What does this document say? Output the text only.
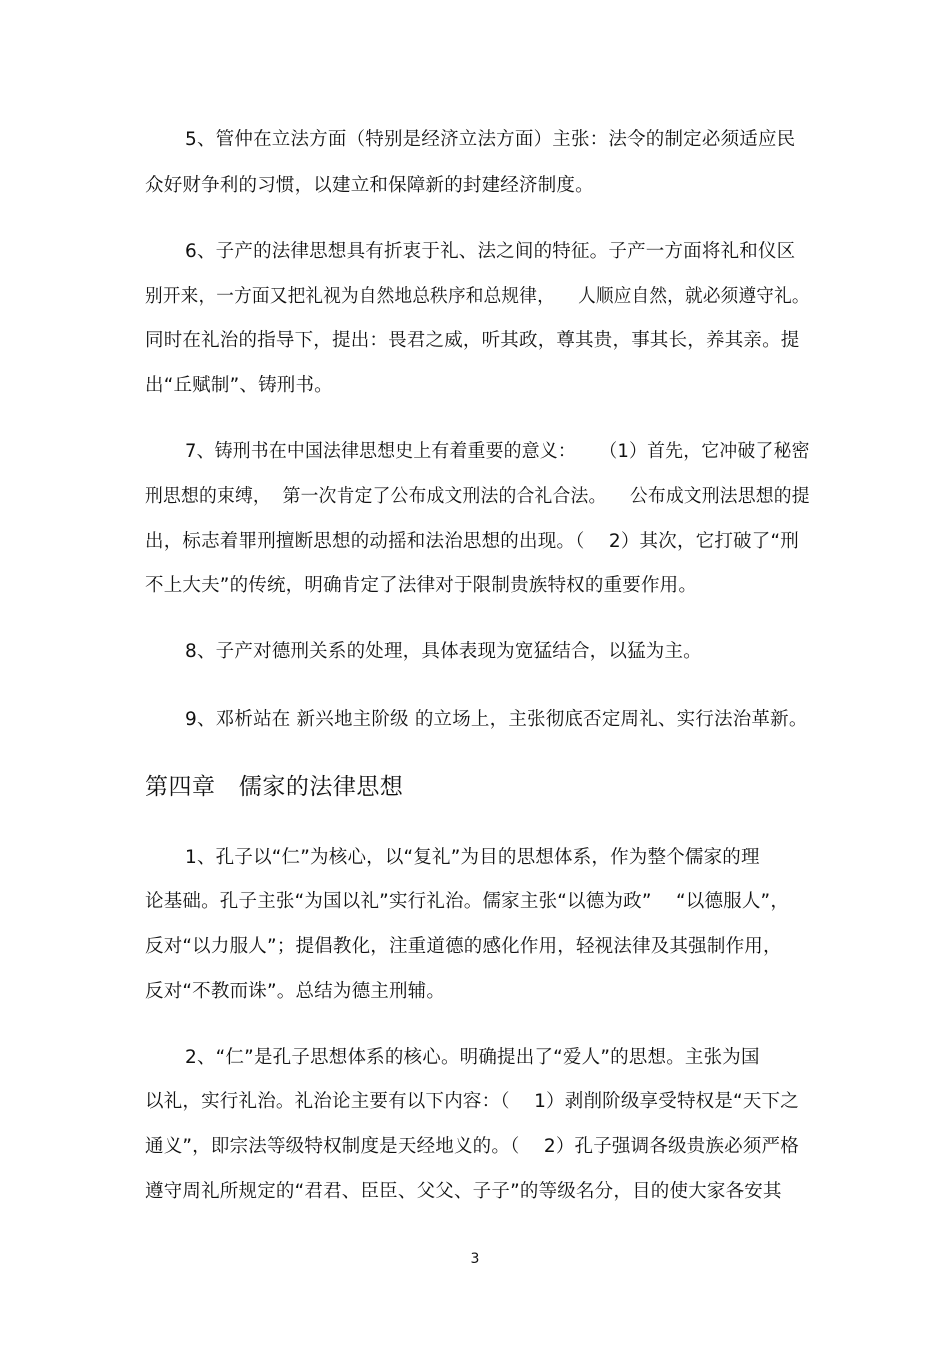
5、管仲在立法方面（特别是经济立法方面）主张：法令的制定必须适应民
众好财争利的习惯，以建立和保障新的封建经济制度。
6、子产的法律思想具有折衷于礼、法之间的特征。子产一方面将礼和仪区
别开来，一方面又把礼视为自然地总秩序和总规律，    人顺应自然，就必须遵守礼。
同时在礼治的指导下，提出：畏君之威，听其政，尊其贵，事其长，养其亲。提
出“丘赋制”、铸刑书。
7、铸刑书在中国法律思想史上有着重要的意义：    （1）首先，它冲破了秘密
刑思想的束缚，  第一次肯定了公布成文刑法的合礼合法。    公布成文刑法思想的提
出，标志着罪刑擅断思想的动摇和法治思想的出现。（    2）其次，它打破了“刑
不上大夫”的传统，明确肯定了法律对于限制贵族特权的重要作用。
8、子产对德刑关系的处理，具体表现为宽猛结合，以猛为主。
9、邓析站在 新兴地主阶级 的立场上，主张彻底否定周礼、实行法治革新。
第四章   儒家的法律思想
1、孔子以“仁”为核心，以“复礼”为目的思想体系，作为整个儒家的理
论基础。孔子主张“为国以礼”实行礼治。儒家主张“以德为政”    “以德服人”，
反对“以力服人”；提倡教化，注重道德的感化作用，轻视法律及其强制作用，
反对“不教而诛”。总结为德主刑辅。
2、“仁”是孔子思想体系的核心。明确提出了“爱人”的思想。主张为国
以礼，实行礼治。礼治论主要有以下内容：（    1）剥削阶级享受特权是“天下之
通义”，即宗法等级特权制度是天经地义的。（    2）孔子强调各级贵族必须严格
遵守周礼所规定的“君君、臣臣、父父、子子”的等级名分，目的使大家各安其
3
